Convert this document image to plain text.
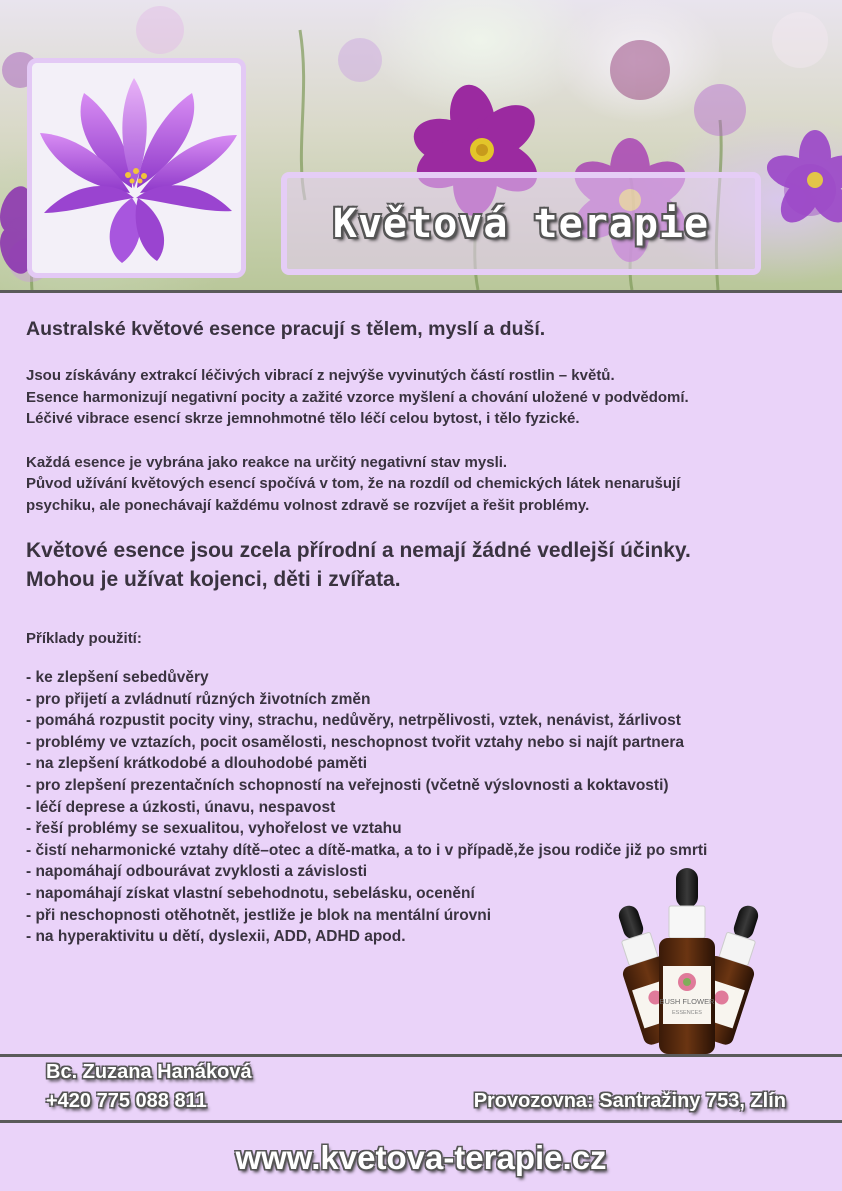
Květová terapie

Australské květové esence pracují s tělem, myslí a duší.

Jsou získávány extrakcí léčivých vibrací z nejvýše vyvinutých částí rostlin – květů.
Esence harmonizují negativní pocity a zažité vzorce myšlení a chování uložené v podvědomí.
Léčivé vibrace esencí skrze jemnohmotné tělo léčí celou bytost, i tělo fyzické.

Každá esence je vybrána jako reakce na určitý negativní stav mysli.
Původ užívání květových esencí spočívá v tom, že na rozdíl od chemických látek nenarušují
psychiku, ale ponechávají každému volnost zdravě se rozvíjet a řešit problémy.

Květové esence jsou zcela přírodní a nemají žádné vedlejší účinky.
Mohou je užívat kojenci, děti i zvířata.

Příklady použití:

- ke zlepšení sebedůvěry
- pro přijetí a zvládnutí různých životních změn
- pomáhá rozpustit pocity viny, strachu, nedůvěry, netrpělivosti, vztek, nenávist, žárlivost
- problémy ve vztazích, pocit osamělosti, neschopnost tvořit vztahy nebo si najít partnera
- na zlepšení krátkodobé a dlouhodobé paměti
- pro zlepšení prezentačních schopností na veřejnosti (včetně výslovnosti a koktavosti)
- léčí deprese a úzkosti, únavu, nespavost
- řeší problémy se sexualitou, vyhořelost ve vztahu
- čistí neharmonické vztahy dítě–otec a dítě-matka, a to i v případě,že jsou rodiče již po smrti
- napomáhají odbourávat zvyklosti a závislosti
- napomáhají získat vlastní sebehodnotu, sebelásku, ocenění
- při neschopnosti otěhotnět, jestliže je blok na mentální úrovni
- na hyperaktivitu u dětí, dyslexii, ADD, ADHD apod.
BUSH FLOWER
ESSENCES
Bc. Zuzana Hanáková
+420 775 088 811	Provozovna: Santražiny 753, Zlín
www.kvetova-terapie.cz
